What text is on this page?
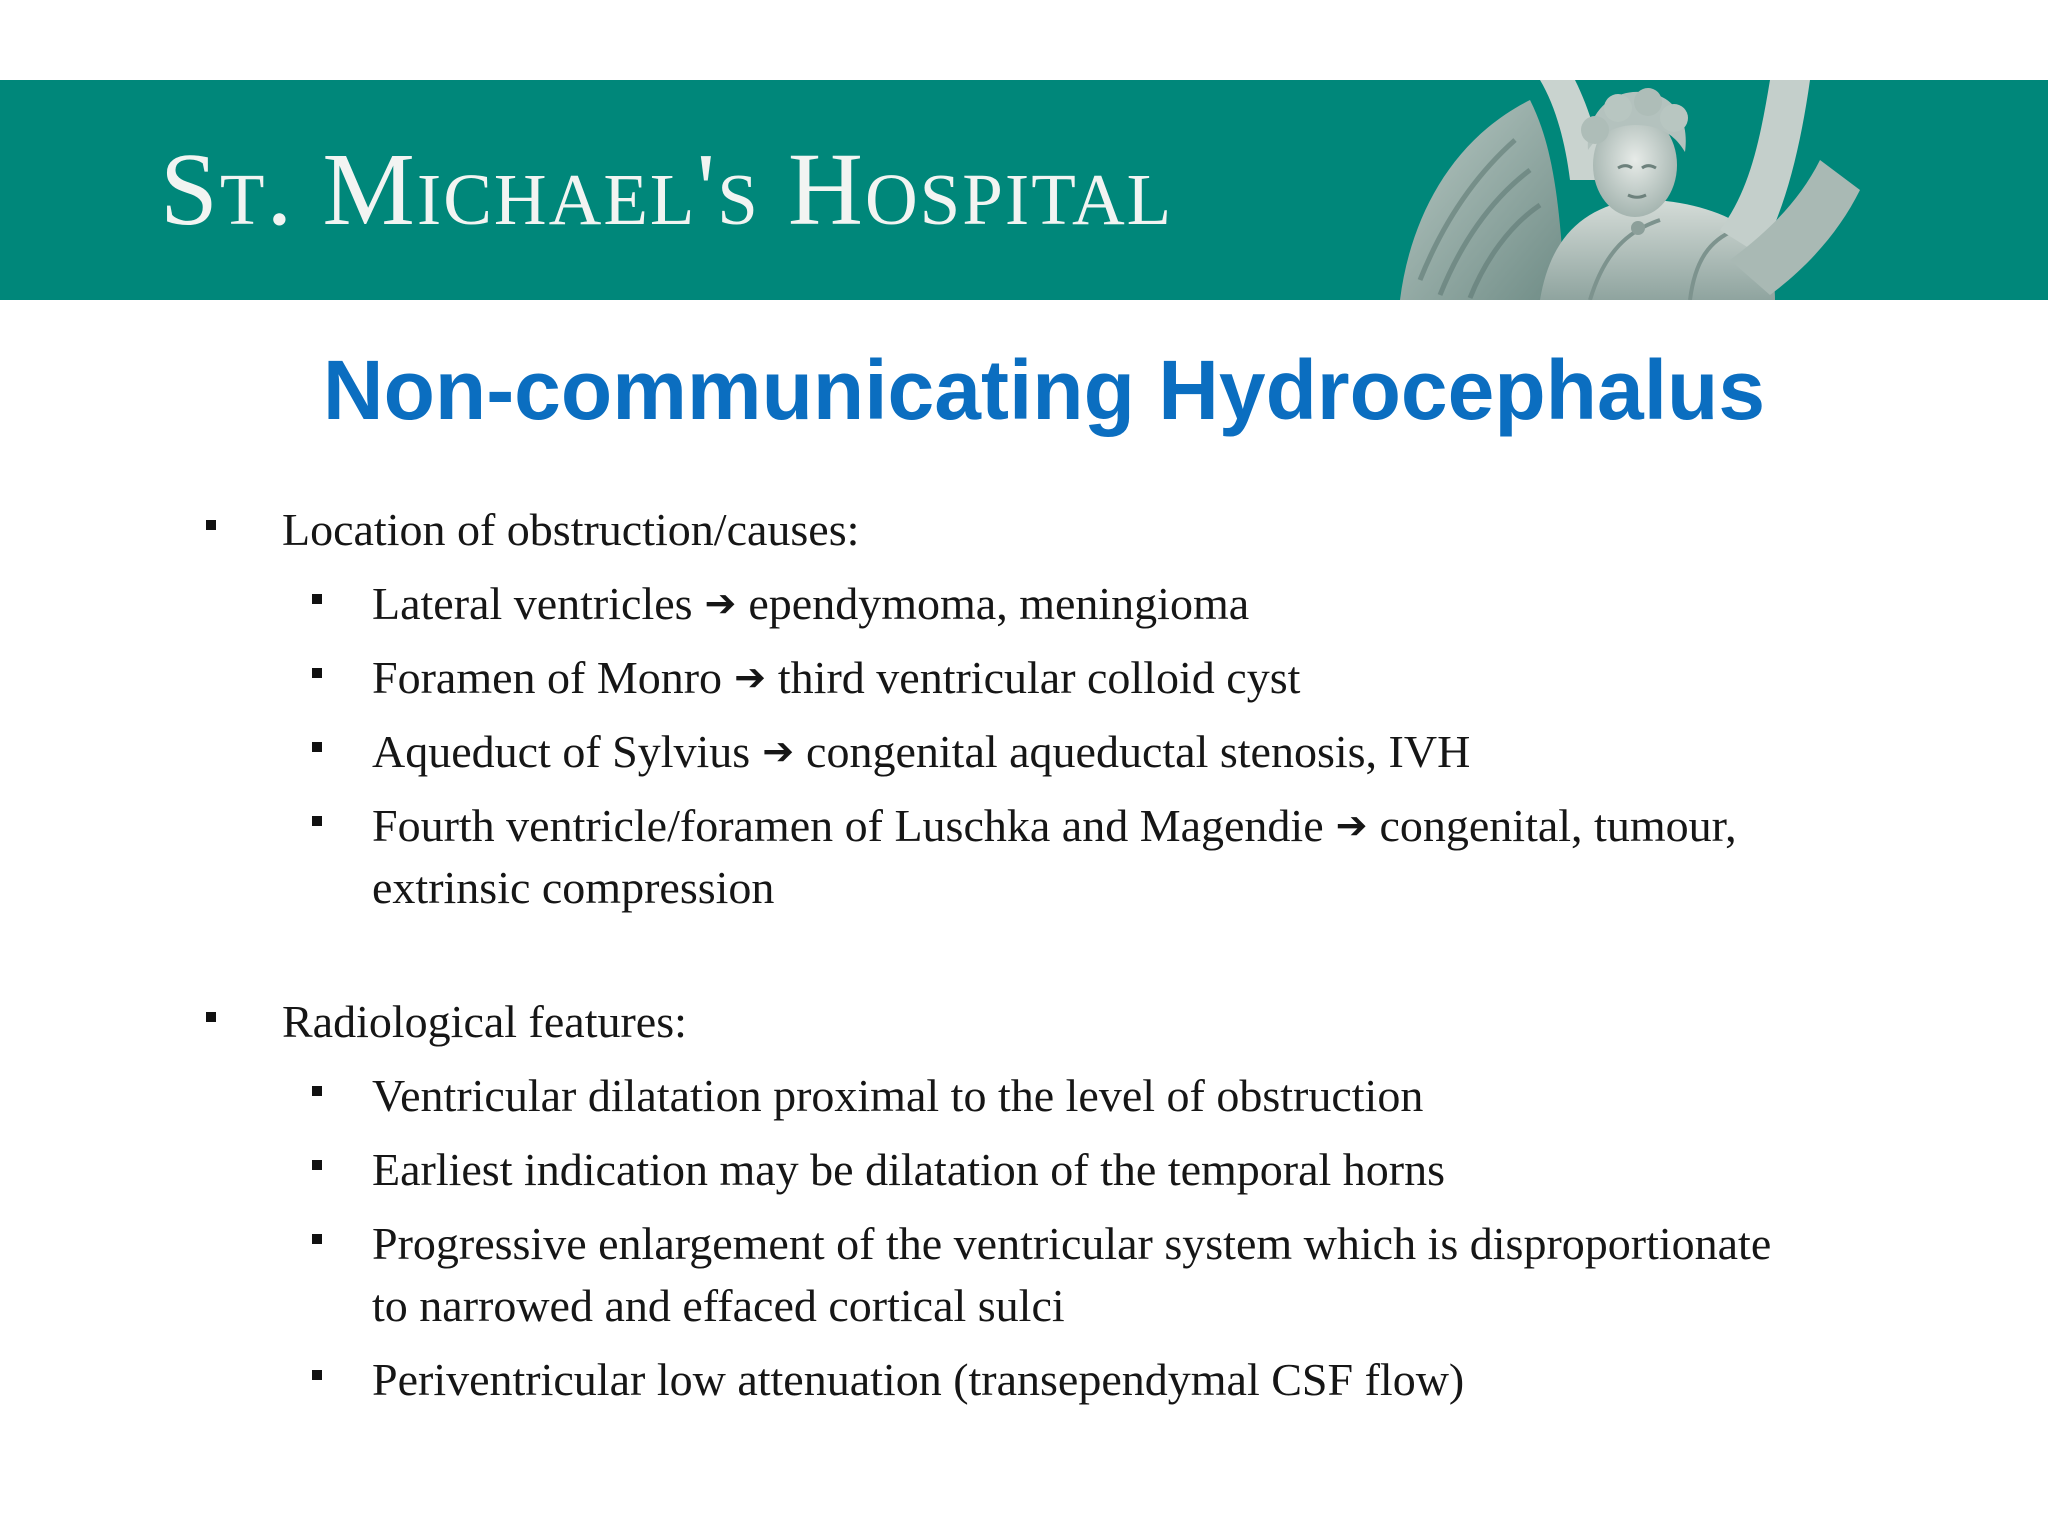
St. Michael's Hospital
Non-communicating Hydrocephalus
Location of obstruction/causes:
Lateral ventricles ➔ ependymoma, meningioma
Foramen of Monro ➔ third ventricular colloid cyst
Aqueduct of Sylvius ➔ congenital aqueductal stenosis, IVH
Fourth ventricle/foramen of Luschka and Magendie ➔ congenital, tumour,
extrinsic compression
Radiological features:
Ventricular dilatation proximal to the level of obstruction
Earliest indication may be dilatation of the temporal horns
Progressive enlargement of the ventricular system which is disproportionate
to narrowed and effaced cortical sulci
Periventricular low attenuation (transependymal CSF flow)
